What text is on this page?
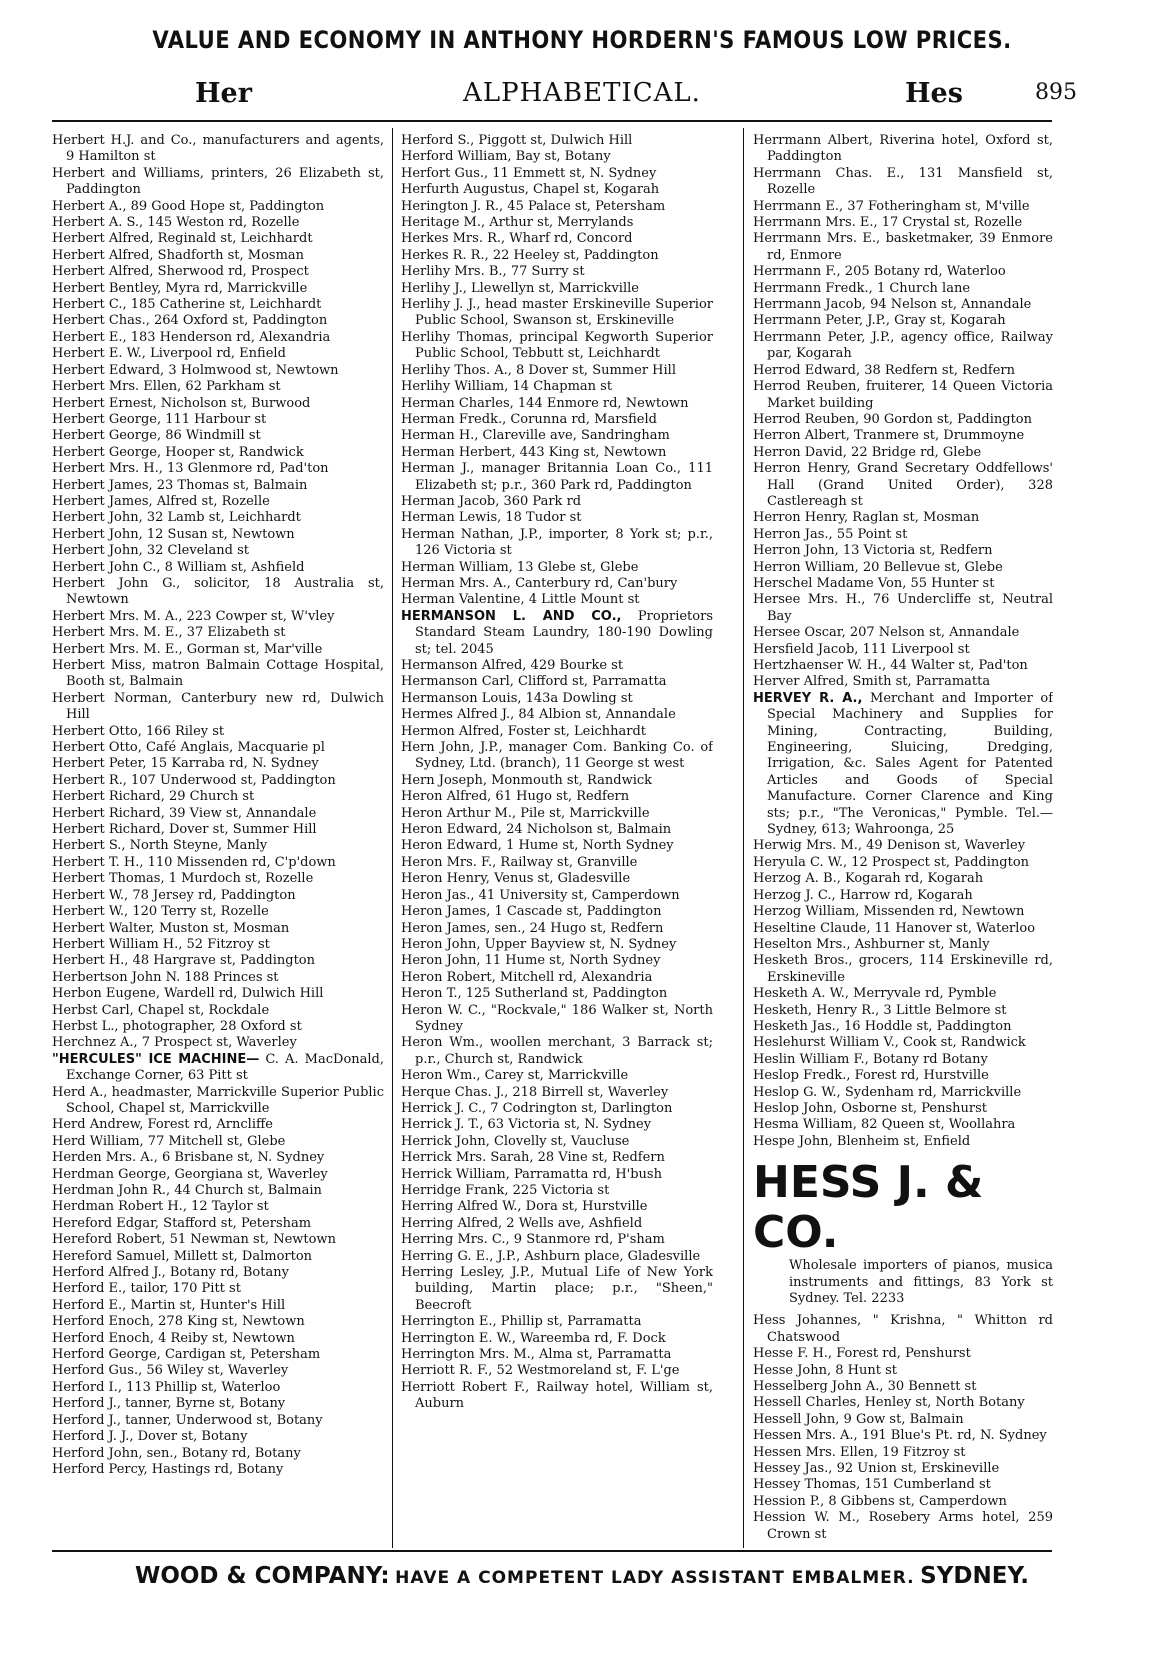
VALUE AND ECONOMY IN ANTHONY HORDERN'S FAMOUS LOW PRICES.
Her	ALPHABETICAL.	Hes	895
Herbert H.J. and Co., manufacturers and agents, 9 Hamilton st
Herbert and Williams, printers, 26 Elizabeth st, Paddington
Herbert A., 89 Good Hope st, Paddington
Herbert A. S., 145 Weston rd, Rozelle
Herbert Alfred, Reginald st, Leichhardt
Herbert Alfred, Shadforth st, Mosman
Herbert Alfred, Sherwood rd, Prospect
Herbert Bentley, Myra rd, Marrickville
Herbert C., 185 Catherine st, Leichhardt
Herbert Chas., 264 Oxford st, Paddington
Herbert E., 183 Henderson rd, Alexandria
Herbert E. W., Liverpool rd, Enfield
Herbert Edward, 3 Holmwood st, Newtown
Herbert Mrs. Ellen, 62 Parkham st
Herbert Ernest, Nicholson st, Burwood
Herbert George, 111 Harbour st
Herbert George, 86 Windmill st
Herbert George, Hooper st, Randwick
Herbert Mrs. H., 13 Glenmore rd, Pad'ton
Herbert James, 23 Thomas st, Balmain
Herbert James, Alfred st, Rozelle
Herbert John, 32 Lamb st, Leichhardt
Herbert John, 12 Susan st, Newtown
Herbert John, 32 Cleveland st
Herbert John C., 8 William st, Ashfield
Herbert John G., solicitor, 18 Australia st, Newtown
Herbert Mrs. M. A., 223 Cowper st, W'vley
Herbert Mrs. M. E., 37 Elizabeth st
Herbert Mrs. M. E., Gorman st, Mar'ville
Herbert Miss, matron Balmain Cottage Hospital, Booth st, Balmain
Herbert Norman, Canterbury new rd, Dulwich Hill
Herbert Otto, 166 Riley st
Herbert Otto, Café Anglais, Macquarie pl
Herbert Peter, 15 Karraba rd, N. Sydney
Herbert R., 107 Underwood st, Paddington
Herbert Richard, 29 Church st
Herbert Richard, 39 View st, Annandale
Herbert Richard, Dover st, Summer Hill
Herbert S., North Steyne, Manly
Herbert T. H., 110 Missenden rd, C'p'down
Herbert Thomas, 1 Murdoch st, Rozelle
Herbert W., 78 Jersey rd, Paddington
Herbert W., 120 Terry st, Rozelle
Herbert Walter, Muston st, Mosman
Herbert William H., 52 Fitzroy st
Herbert H., 48 Hargrave st, Paddington
Herbertson John N. 188 Princes st
Herbon Eugene, Wardell rd, Dulwich Hill
Herbst Carl, Chapel st, Rockdale
Herbst L., photographer, 28 Oxford st
Herchnez A., 7 Prospect st, Waverley
"HERCULES" ICE MACHINE— C. A. MacDonald, Exchange Corner, 63 Pitt st
Herd A., headmaster, Marrickville Superior Public School, Chapel st, Marrickville
Herd Andrew, Forest rd, Arncliffe
Herd William, 77 Mitchell st, Glebe
Herden Mrs. A., 6 Brisbane st, N. Sydney
Herdman George, Georgiana st, Waverley
Herdman John R., 44 Church st, Balmain
Herdman Robert H., 12 Taylor st
Hereford Edgar, Stafford st, Petersham
Hereford Robert, 51 Newman st, Newtown
Hereford Samuel, Millett st, Dalmorton
Herford Alfred J., Botany rd, Botany
Herford E., tailor, 170 Pitt st
Herford E., Martin st, Hunter's Hill
Herford Enoch, 278 King st, Newtown
Herford Enoch, 4 Reiby st, Newtown
Herford George, Cardigan st, Petersham
Herford Gus., 56 Wiley st, Waverley
Herford I., 113 Phillip st, Waterloo
Herford J., tanner, Byrne st, Botany
Herford J., tanner, Underwood st, Botany
Herford J. J., Dover st, Botany
Herford John, sen., Botany rd, Botany
Herford Percy, Hastings rd, Botany
Herford S., Piggott st, Dulwich Hill
Herford William, Bay st, Botany
Herfort Gus., 11 Emmett st, N. Sydney
Herfurth Augustus, Chapel st, Kogarah
Herington J. R., 45 Palace st, Petersham
Heritage M., Arthur st, Merrylands
Herkes Mrs. R., Wharf rd, Concord
Herkes R. R., 22 Heeley st, Paddington
Herlihy Mrs. B., 77 Surry st
Herlihy J., Llewellyn st, Marrickville
Herlihy J. J., head master Erskineville Superior Public School, Swanson st, Erskineville
Herlihy Thomas, principal Kegworth Superior Public School, Tebbutt st, Leichhardt
Herlihy Thos. A., 8 Dover st, Summer Hill
Herlihy William, 14 Chapman st
Herman Charles, 144 Enmore rd, Newtown
Herman Fredk., Corunna rd, Marsfield
Herman H., Clareville ave, Sandringham
Herman Herbert, 443 King st, Newtown
Herman J., manager Britannia Loan Co., 111 Elizabeth st; p.r., 360 Park rd, Paddington
Herman Jacob, 360 Park rd
Herman Lewis, 18 Tudor st
Herman Nathan, J.P., importer, 8 York st; p.r., 126 Victoria st
Herman William, 13 Glebe st, Glebe
Herman Mrs. A., Canterbury rd, Can'bury
Herman Valentine, 4 Little Mount st
HERMANSON L. AND CO., Proprietors Standard Steam Laundry, 180-190 Dowling st; tel. 2045
Hermanson Alfred, 429 Bourke st
Hermanson Carl, Clifford st, Parramatta
Hermanson Louis, 143a Dowling st
Hermes Alfred J., 84 Albion st, Annandale
Hermon Alfred, Foster st, Leichhardt
Hern John, J.P., manager Com. Banking Co. of Sydney, Ltd. (branch), 11 George st west
Hern Joseph, Monmouth st, Randwick
Heron Alfred, 61 Hugo st, Redfern
Heron Arthur M., Pile st, Marrickville
Heron Edward, 24 Nicholson st, Balmain
Heron Edward, 1 Hume st, North Sydney
Heron Mrs. F., Railway st, Granville
Heron Henry, Venus st, Gladesville
Heron Jas., 41 University st, Camperdown
Heron James, 1 Cascade st, Paddington
Heron James, sen., 24 Hugo st, Redfern
Heron John, Upper Bayview st, N. Sydney
Heron John, 11 Hume st, North Sydney
Heron Robert, Mitchell rd, Alexandria
Heron T., 125 Sutherland st, Paddington
Heron W. C., "Rockvale," 186 Walker st, North Sydney
Heron Wm., woollen merchant, 3 Barrack st; p.r., Church st, Randwick
Heron Wm., Carey st, Marrickville
Herque Chas. J., 218 Birrell st, Waverley
Herrick J. C., 7 Codrington st, Darlington
Herrick J. T., 63 Victoria st, N. Sydney
Herrick John, Clovelly st, Vaucluse
Herrick Mrs. Sarah, 28 Vine st, Redfern
Herrick William, Parramatta rd, H'bush
Herridge Frank, 225 Victoria st
Herring Alfred W., Dora st, Hurstville
Herring Alfred, 2 Wells ave, Ashfield
Herring Mrs. C., 9 Stanmore rd, P'sham
Herring G. E., J.P., Ashburn place, Gladesville
Herring Lesley, J.P., Mutual Life of New York building, Martin place; p.r., "Sheen," Beecroft
Herrington E., Phillip st, Parramatta
Herrington E. W., Wareemba rd, F. Dock
Herrington Mrs. M., Alma st, Parramatta
Herriott R. F., 52 Westmoreland st, F. L'ge
Herriott Robert F., Railway hotel, William st, Auburn
Herrmann Albert, Riverina hotel, Oxford st, Paddington
Herrmann Chas. E., 131 Mansfield st, Rozelle
Herrmann E., 37 Fotheringham st, M'ville
Herrmann Mrs. E., 17 Crystal st, Rozelle
Herrmann Mrs. E., basketmaker, 39 Enmore rd, Enmore
Herrmann F., 205 Botany rd, Waterloo
Herrmann Fredk., 1 Church lane
Herrmann Jacob, 94 Nelson st, Annandale
Herrmann Peter, J.P., Gray st, Kogarah
Herrmann Peter, J.P., agency office, Railway par, Kogarah
Herrod Edward, 38 Redfern st, Redfern
Herrod Reuben, fruiterer, 14 Queen Victoria Market building
Herrod Reuben, 90 Gordon st, Paddington
Herron Albert, Tranmere st, Drummoyne
Herron David, 22 Bridge rd, Glebe
Herron Henry, Grand Secretary Oddfellows' Hall (Grand United Order), 328 Castlereagh st
Herron Henry, Raglan st, Mosman
Herron Jas., 55 Point st
Herron John, 13 Victoria st, Redfern
Herron William, 20 Bellevue st, Glebe
Herschel Madame Von, 55 Hunter st
Hersee Mrs. H., 76 Undercliffe st, Neutral Bay
Hersee Oscar, 207 Nelson st, Annandale
Hersfield Jacob, 111 Liverpool st
Hertzhaenser W. H., 44 Walter st, Pad'ton
Herver Alfred, Smith st, Parramatta
HERVEY R. A., Merchant and Importer of Special Machinery and Supplies for Mining, Contracting, Building, Engineering, Sluicing, Dredging, Irrigation, &c. Sales Agent for Patented Articles and Goods of Special Manufacture. Corner Clarence and King sts; p.r., "The Veronicas," Pymble. Tel.—Sydney, 613; Wahroonga, 25
Herwig Mrs. M., 49 Denison st, Waverley
Heryula C. W., 12 Prospect st, Paddington
Herzog A. B., Kogarah rd, Kogarah
Herzog J. C., Harrow rd, Kogarah
Herzog William, Missenden rd, Newtown
Heseltine Claude, 11 Hanover st, Waterloo
Heselton Mrs., Ashburner st, Manly
Hesketh Bros., grocers, 114 Erskineville rd, Erskineville
Hesketh A. W., Merryvale rd, Pymble
Hesketh, Henry R., 3 Little Belmore st
Hesketh Jas., 16 Hoddle st, Paddington
Heslehurst William V., Cook st, Randwick
Heslin William F., Botany rd Botany
Heslop Fredk., Forest rd, Hurstville
Heslop G. W., Sydenham rd, Marrickville
Heslop John, Osborne st, Penshurst
Hesma William, 82 Queen st, Woollahra
Hespe John, Blenheim st, Enfield
HESS J. & CO.
Wholesale importers of pianos, musica instruments and fittings, 83 York st Sydney. Tel. 2233
Hess Johannes, " Krishna, " Whitton rd Chatswood
Hesse F. H., Forest rd, Penshurst
Hesse John, 8 Hunt st
Hesselberg John A., 30 Bennett st
Hessell Charles, Henley st, North Botany
Hessell John, 9 Gow st, Balmain
Hessen Mrs. A., 191 Blue's Pt. rd, N. Sydney
Hessen Mrs. Ellen, 19 Fitzroy st
Hessey Jas., 92 Union st, Erskineville
Hessey Thomas, 151 Cumberland st
Hession P., 8 Gibbens st, Camperdown
Hession W. M., Rosebery Arms hotel, 259 Crown st
WOOD & COMPANY: HAVE A COMPETENT LADY ASSISTANT EMBALMER. SYDNEY.
